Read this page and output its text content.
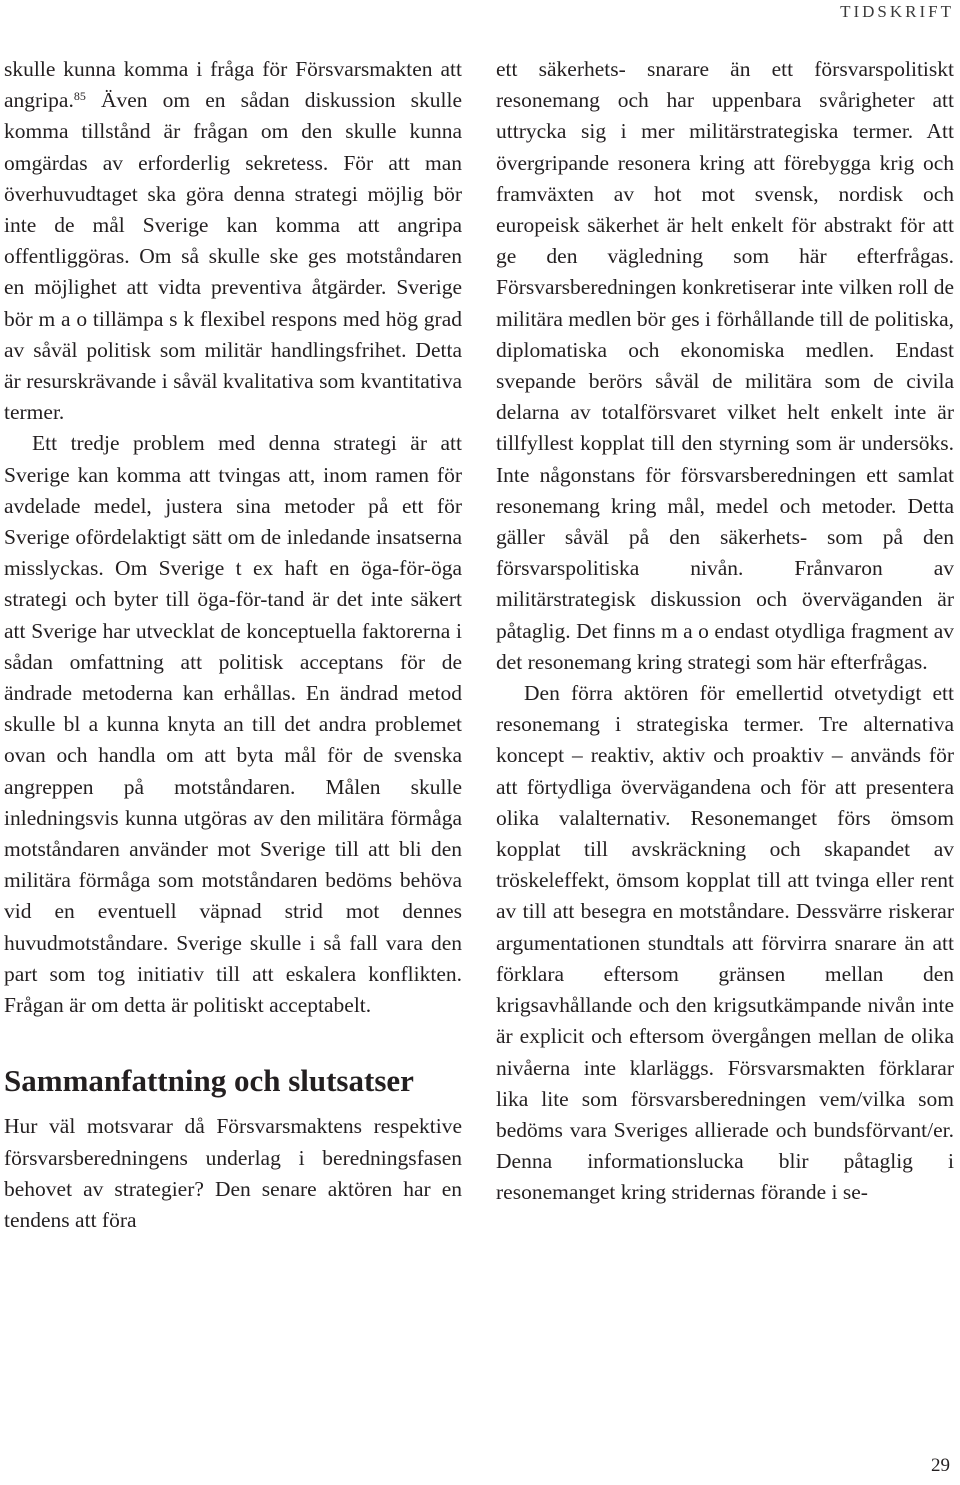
TIDSKRIFT

skulle kunna komma i fråga för Försvarsmakten att angripa.$^{85}$ Även om en sådan diskussion skulle komma tillstånd är frågan om den skulle kunna omgärdas av erforderlig sekretess. För att man överhuvudtaget ska göra denna strategi möjlig bör inte de mål Sverige kan komma att angripa offentliggöras. Om så skulle ske ges motståndaren en möjlighet att vidta preventiva åtgärder. Sverige bör m a o tillämpa s k flexibel respons med hög grad av såväl politisk som militär handlingsfrihet. Detta är resurskrävande i såväl kvalitativa som kvantitativa termer.

Ett tredje problem med denna strategi är att Sverige kan komma att tvingas att, inom ramen för avdelade medel, justera sina metoder på ett för Sverige ofördelaktigt sätt om de inledande insatserna misslyckas. Om Sverige t ex haft en öga-för-öga strategi och byter till öga-för-tand är det inte säkert att Sverige har utvecklat de konceptuella faktorerna i sådan omfattning att politisk acceptans för de ändrade metoderna kan erhållas. En ändrad metod skulle bl a kunna knyta an till det andra problemet ovan och handla om att byta mål för de svenska angreppen på motståndaren. Målen skulle inledningsvis kunna utgöras av den militära förmåga motståndaren använder mot Sverige till att bli den militära förmåga som motståndaren bedöms behöva vid en eventuell väpnad strid mot dennes huvudmotståndare. Sverige skulle i så fall vara den part som tog initiativ till att eskalera konflikten. Frågan är om detta är politiskt acceptabelt.

Sammanfattning och slutsatser

Hur väl motsvarar då Försvarsmaktens respektive försvarsberedningens underlag i beredningsfasen behovet av strategier? Den senare aktören har en tendens att föra

ett säkerhets- snarare än ett försvarspolitiskt resonemang och har uppenbara svårigheter att uttrycka sig i mer militärstrategiska termer. Att övergripande resonera kring att förebygga krig och framväxten av hot mot svensk, nordisk och europeisk säkerhet är helt enkelt för abstrakt för att ge den vägledning som här efterfrågas. Försvarsberedningen konkretiserar inte vilken roll de militära medlen bör ges i förhållande till de politiska, diplomatiska och ekonomiska medlen. Endast svepande berörs såväl de militära som de civila delarna av totalförsvaret vilket helt enkelt inte är tillfyllest kopplat till den styrning som är undersöks. Inte någonstans för försvarsberedningen ett samlat resonemang kring mål, medel och metoder. Detta gäller såväl på den säkerhets- som på den försvarspolitiska nivån. Frånvaron av militärstrategisk diskussion och överväganden är påtaglig. Det finns m a o endast otydliga fragment av det resonemang kring strategi som här efterfrågas.

Den förra aktören för emellertid otvetydigt ett resonemang i strategiska termer. Tre alternativa koncept – reaktiv, aktiv och proaktiv – används för att förtydliga övervägandena och för att presentera olika valalternativ. Resonemanget förs ömsom kopplat till avskräckning och skapandet av tröskeleffekt, ömsom kopplat till att tvinga eller rent av till att besegra en motståndare. Dessvärre riskerar argumentationen stundtals att förvirra snarare än att förklara eftersom gränsen mellan den krigsavhållande och den krigsutkämpande nivån inte är explicit och eftersom övergången mellan de olika nivåerna inte klarläggs. Försvarsmakten förklarar lika lite som försvarsberedningen vem/vilka som bedöms vara Sveriges allierade och bundsförvant/er. Denna informationslucka blir påtaglig i resonemanget kring stridernas förande i se-

29
